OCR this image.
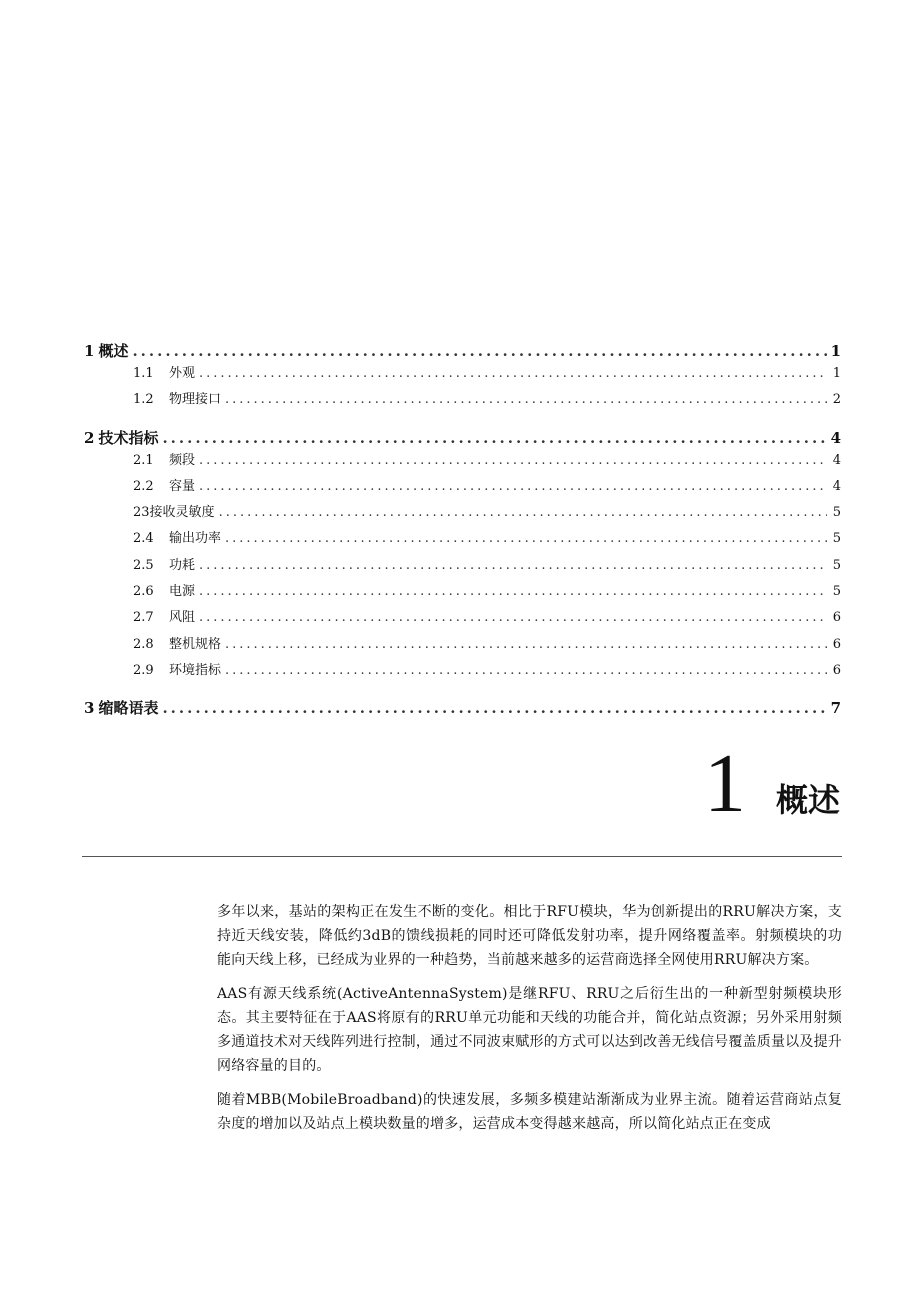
1 概述 .....	1
1.1	外观 .....	1
1.2	物理接口 .....	2
2 技术指标 .....	4
2.1	频段 .....	4
2.2	容量 .....	4
23 接收灵敏度 .....	5
2.4	输出功率 .....	5
2.5	功耗 .....	5
2.6	电源 .....	5
2.7	风阻 .....	6
2.8	整机规格 .....	6
2.9	环境指标 .....	6
3 缩略语表 .....	7
1 概述

多年以来，基站的架构正在发生不断的变化。相比于RFU模块，华为创新提出的RRU解决方案，支持近天线安装，降低约3dB的馈线损耗的同时还可降低发射功率，提升网络覆盖率。射频模块的功能向天线上移，已经成为业界的一种趋势，当前越来越多的运营商选择全网使用RRU解决方案。

AAS有源天线系统(ActiveAntennaSystem)是继RFU、RRU之后衍生出的一种新型射频模块形态。其主要特征在于AAS将原有的RRU单元功能和天线的功能合并，简化站点资源；另外采用射频多通道技术对天线阵列进行控制，通过不同波束赋形的方式可以达到改善无线信号覆盖质量以及提升网络容量的目的。

随着MBB(MobileBroadband)的快速发展，多频多模建站渐渐成为业界主流。随着运营商站点复杂度的增加以及站点上模块数量的增多，运营成本变得越来越高，所以简化站点正在变成
